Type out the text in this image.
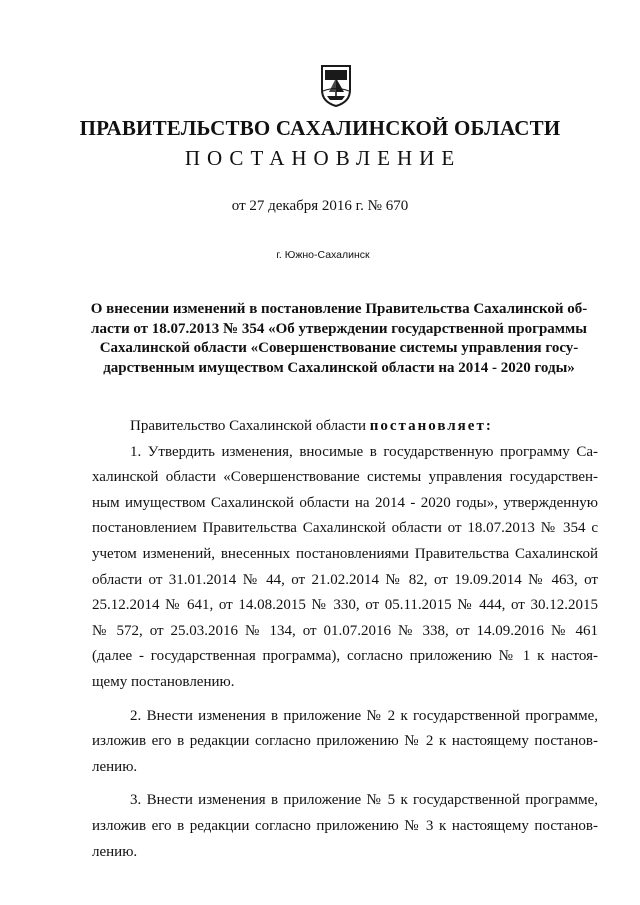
ПРАВИТЕЛЬСТВО САХАЛИНСКОЙ ОБЛАСТИ
ПОСТАНОВЛЕНИЕ
от 27 декабря 2016 г. № 670
г. Южно-Сахалинск
О внесении изменений в постановление Правительства Сахалинской об-
ласти от 18.07.2013 № 354 «Об утверждении государственной программы
Сахалинской области «Совершенствование системы управления госу-
дарственным имуществом Сахалинской области на 2014 - 2020 годы»
Правительство Сахалинской области постановляет:
1. Утвердить изменения, вносимые в государственную программу Са-
халинской области «Совершенствование системы управления государствен-
ным имуществом Сахалинской области на 2014 - 2020 годы», утвержденную
постановлением Правительства Сахалинской области от 18.07.2013 № 354 с
учетом изменений, внесенных постановлениями Правительства Сахалинской
области от 31.01.2014 № 44, от 21.02.2014 № 82, от 19.09.2014 № 463, от
25.12.2014 № 641, от 14.08.2015 № 330, от 05.11.2015 № 444, от 30.12.2015
№ 572, от 25.03.2016 № 134, от 01.07.2016 № 338, от 14.09.2016 № 461
(далее - государственная программа), согласно приложению № 1 к настоя-
щему постановлению.
2. Внести изменения в приложение № 2 к государственной программе,
изложив его в редакции согласно приложению № 2 к настоящему постанов-
лению.
3. Внести изменения в приложение № 5 к государственной программе,
изложив его в редакции согласно приложению № 3 к настоящему постанов-
лению.
